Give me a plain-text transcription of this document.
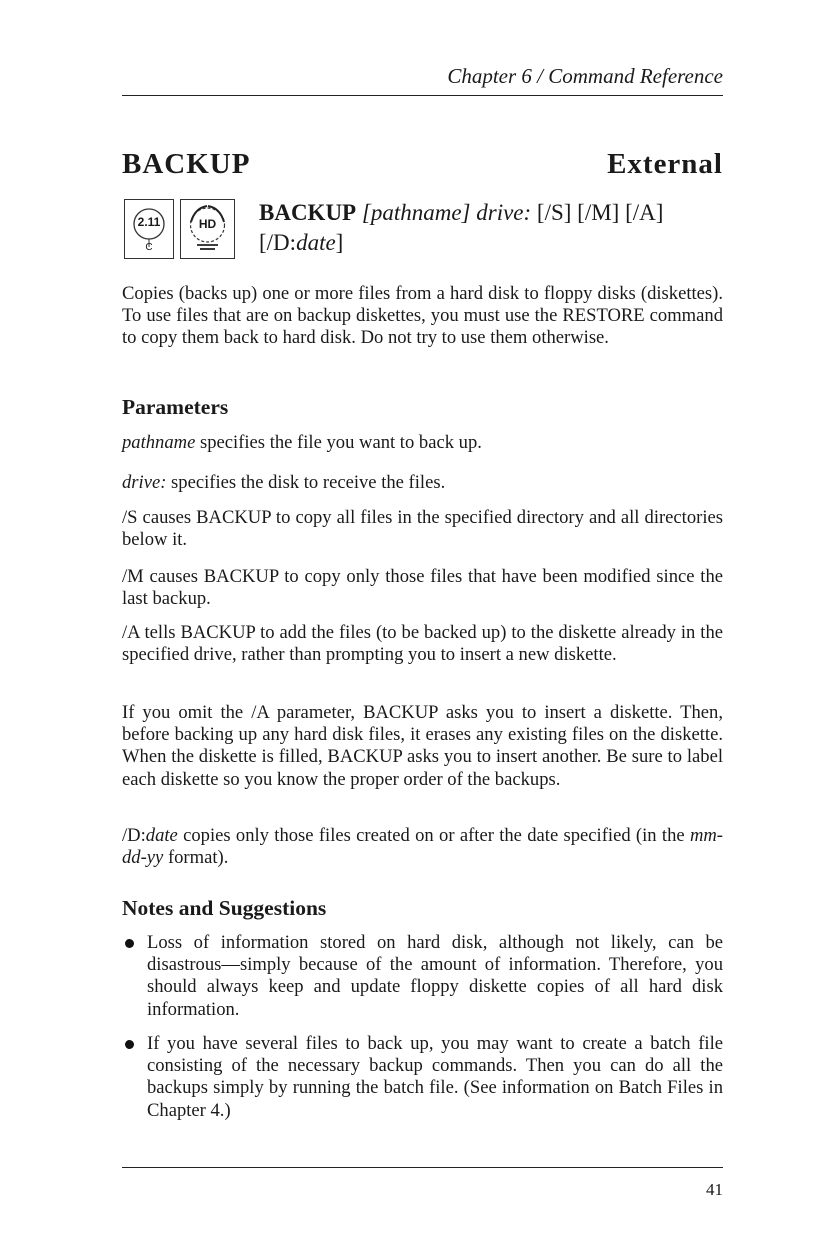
Chapter 6 / Command Reference
BACKUP	External
2.11
C
HD	BACKUP [pathname] drive: [/S] [/M] [/A]
[/D:date]

Copies (backs up) one or more files from a hard disk to floppy disks (diskettes). To use files that are on backup diskettes, you must use the RESTORE command to copy them back to hard disk. Do not try to use them otherwise.

Parameters

pathname specifies the file you want to back up.

drive: specifies the disk to receive the files.

/S causes BACKUP to copy all files in the specified directory and all directories below it.

/M causes BACKUP to copy only those files that have been modified since the last backup.

/A tells BACKUP to add the files (to be backed up) to the diskette already in the specified drive, rather than prompting you to insert a new diskette.

If you omit the /A parameter, BACKUP asks you to insert a diskette. Then, before backing up any hard disk files, it erases any existing files on the diskette. When the diskette is filled, BACKUP asks you to insert another. Be sure to label each diskette so you know the proper order of the backups.

/D:date copies only those files created on or after the date specified (in the mm-dd-yy format).

Notes and Suggestions
Loss of information stored on hard disk, although not likely, can be disastrous—simply because of the amount of information. Therefore, you should always keep and update floppy diskette copies of all hard disk information.
If you have several files to back up, you may want to create a batch file consisting of the necessary backup commands. Then you can do all the backups simply by running the batch file. (See information on Batch Files in Chapter 4.)
41
